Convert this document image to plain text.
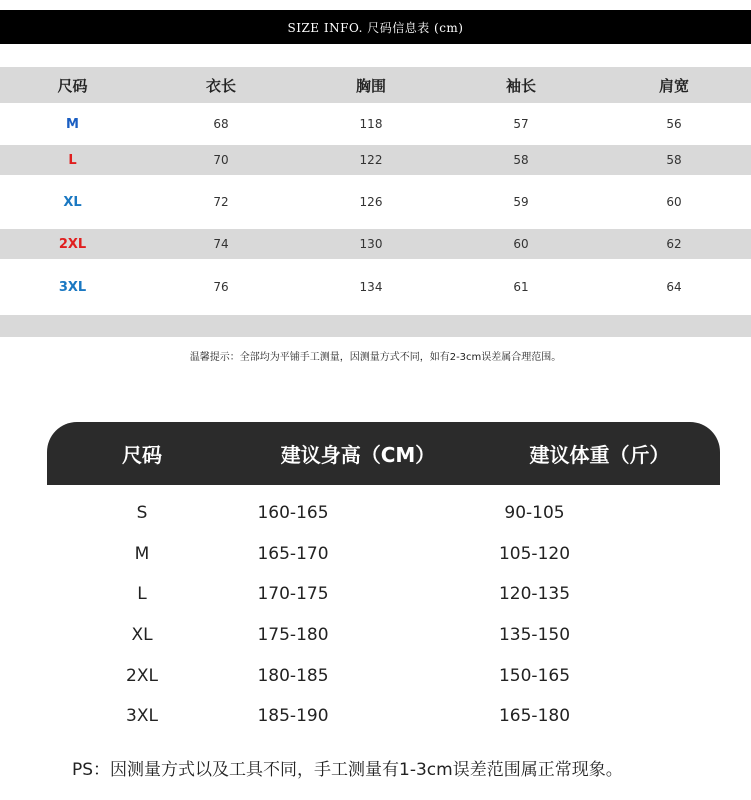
SIZE INFO. 尺码信息表 (cm)
尺码	衣长	胸围	袖长	肩宽
M	68	118	57	56
L	70	122	58	58
XL	72	126	59	60
2XL	74	130	60	62
3XL	76	134	61	64
温馨提示：全部均为平铺手工测量，因测量方式不同，如有2-3cm误差属合理范围。
尺码	建议身高（CM）	建议体重（斤）
S	160-165	90-105
M	165-170	105-120
L	170-175	120-135
XL	175-180	135-150
2XL	180-185	150-165
3XL	185-190	165-180
PS：因测量方式以及工具不同，手工测量有1-3cm误差范围属正常现象。
